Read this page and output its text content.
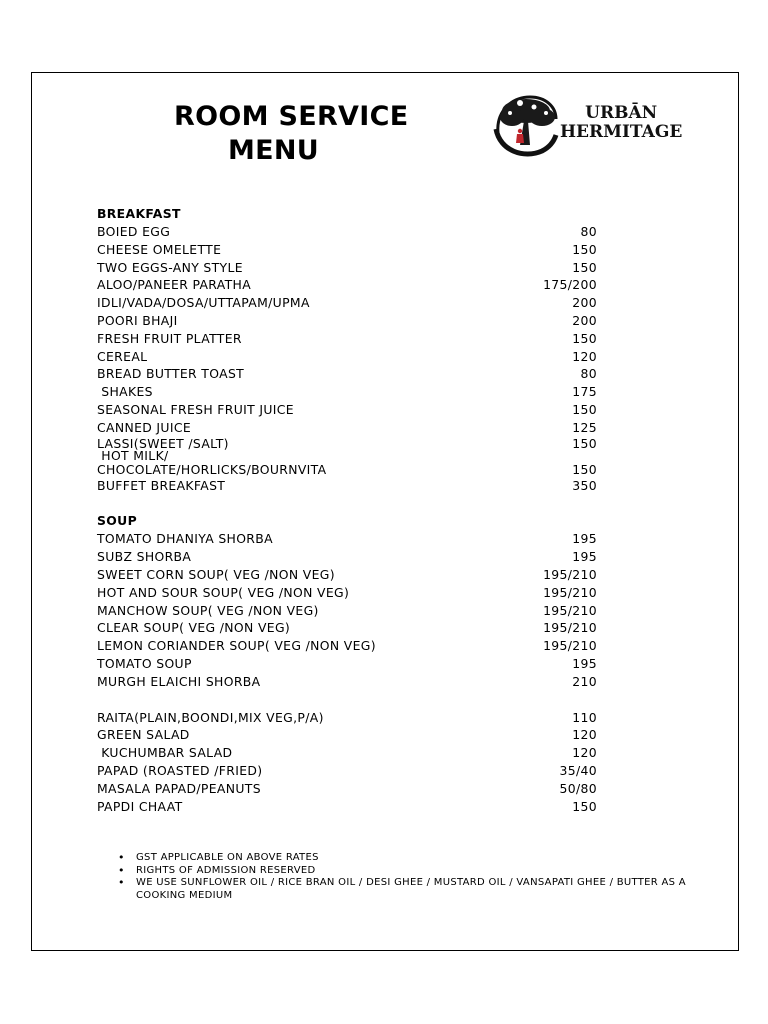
ROOM SERVICE
MENU
URBĀN
HERMITAGE
BREAKFAST
BOIED EGG	80
CHEESE OMELETTE	150
TWO EGGS-ANY STYLE	150
ALOO/PANEER PARATHA	175/200
IDLI/VADA/DOSA/UTTAPAM/UPMA	200
POORI BHAJI	200
FRESH FRUIT PLATTER	150
CEREAL	120
BREAD BUTTER TOAST	80
SHAKES	175
SEASONAL FRESH FRUIT JUICE	150
CANNED JUICE	125
LASSI(SWEET /SALT)	150
HOT MILK/
CHOCOLATE/HORLICKS/BOURNVITA	150
BUFFET BREAKFAST	350
SOUP
TOMATO DHANIYA SHORBA	195
SUBZ SHORBA	195
SWEET CORN SOUP( VEG /NON VEG)	195/210
HOT AND SOUR SOUP( VEG /NON VEG)	195/210
MANCHOW SOUP( VEG /NON VEG)	195/210
CLEAR SOUP( VEG /NON VEG)	195/210
LEMON CORIANDER SOUP( VEG /NON VEG)	195/210
TOMATO SOUP	195
MURGH ELAICHI SHORBA	210
RAITA(PLAIN,BOONDI,MIX VEG,P/A)	110
GREEN SALAD	120
KUCHUMBAR SALAD	120
PAPAD (ROASTED /FRIED)	35/40
MASALA PAPAD/PEANUTS	50/80
PAPDI CHAAT	150
• GST APPLICABLE ON ABOVE RATES
• RIGHTS OF ADMISSION RESERVED
• WE USE SUNFLOWER OIL / RICE BRAN OIL / DESI GHEE / MUSTARD OIL / VANSAPATI GHEE / BUTTER AS A COOKING MEDIUM
